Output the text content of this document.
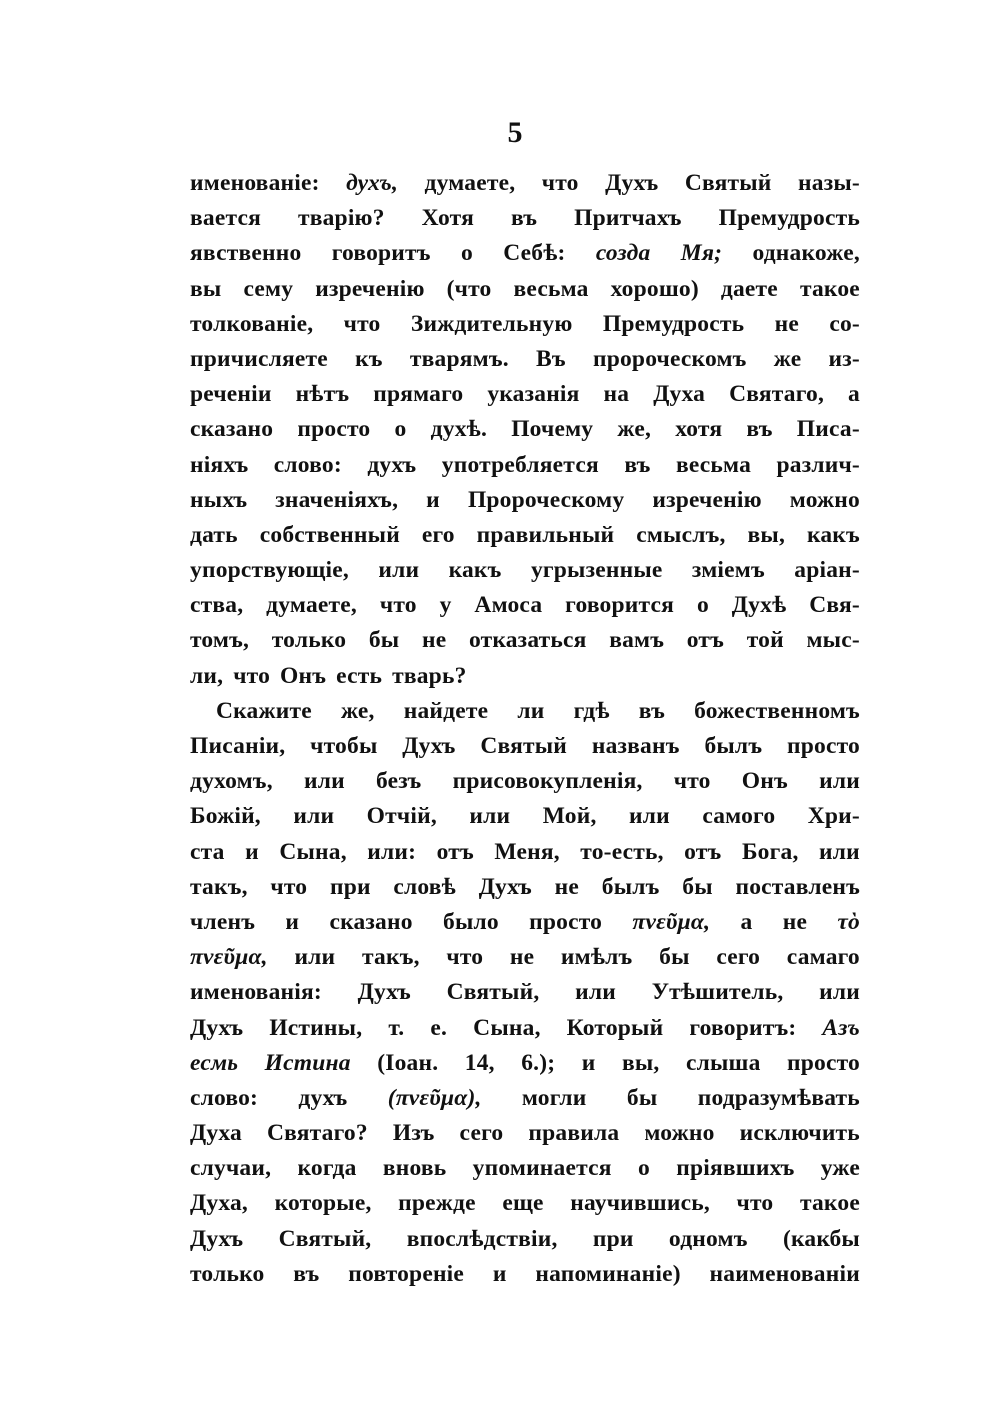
5
именованіе: духъ, думаете, что Духъ Святый назы-
вается тварію? Хотя въ Притчахъ Премудрость
явственно говоритъ о Себѣ: созда Мя; однакоже,
вы сему изреченію (что весьма хорошо) даете такое
толкованіе, что Зиждительную Премудрость не со-
причисляете къ тварямъ. Въ пророческомъ же из-
реченіи нѣтъ прямаго указанія на Духа Святаго, а
сказано просто о духѣ. Почему же, хотя въ Писа-
ніяхъ слово: духъ употребляется въ весьма различ-
ныхъ значеніяхъ, и Пророческому изреченію можно
дать собственный его правильный смыслъ, вы, какъ
упорствующіе, или какъ угрызенные зміемъ аріан-
ства, думаете, что у Амоса говорится о Духѣ Свя-
томъ, только бы не отказаться вамъ отъ той мыс-
ли, что Онъ есть тварь?
Скажите же, найдете ли гдѣ въ божественномъ
Писаніи, чтобы Духъ Святый названъ былъ просто
духомъ, или безъ присовокупленія, что Онъ или
Божій, или Отчій, или Мой, или самого Хри-
ста и Сына, или: отъ Меня, то-есть, отъ Бога, или
такъ, что при словѣ Духъ не былъ бы поставленъ
членъ и сказано было просто πνεῦμα, а не τὸ
πνεῦμα, или такъ, что не имѣлъ бы сего самаго
именованія: Духъ Святый, или Утѣшитель, или
Духъ Истины, т. е. Сына, Который говоритъ: Азъ
есмь Истина (Іоан. 14, 6.); и вы, слыша просто
слово: духъ (πνεῦμα), могли бы подразумѣвать
Духа Святаго? Изъ сего правила можно исключить
случаи, когда вновь упоминается о пріявшихъ уже
Духа, которые, прежде еще научившись, что такое
Духъ Святый, впослѣдствіи, при одномъ (какбы
только въ повтореніе и напоминаніе) наименованіи
